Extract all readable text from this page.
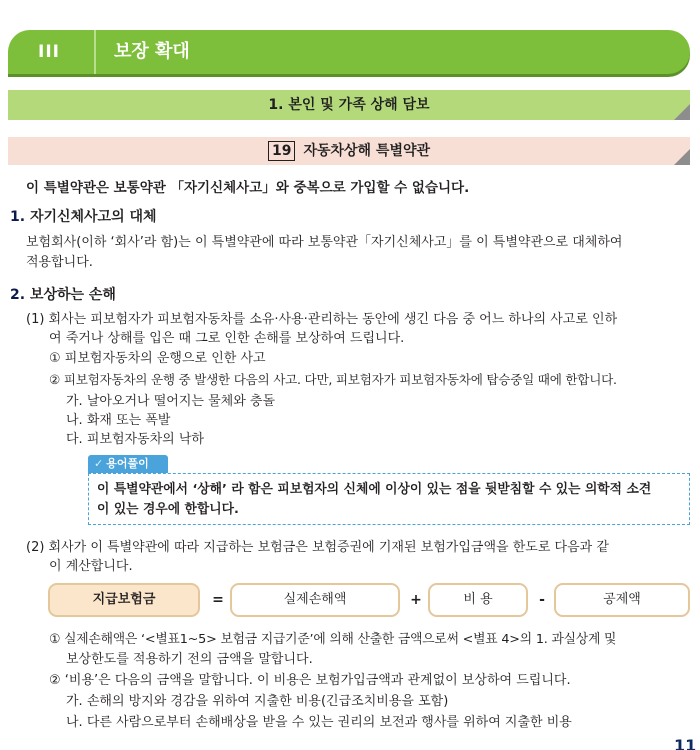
III	보장 확대
1. 본인 및 가족 상해 담보
19 자동차상해 특별약관
이 특별약관은 보통약관 「자기신체사고」와 중복으로 가입할 수 없습니다.
1. 자기신체사고의 대체
보험회사(이하 ‘회사’라 함)는 이 특별약관에 따라 보통약관「자기신체사고」를 이 특별약관으로 대체하여
적용합니다.
2. 보상하는 손해
(1) 회사는 피보험자가 피보험자동차를 소유·사용·관리하는 동안에 생긴 다음 중 어느 하나의 사고로 인하
여 죽거나 상해를 입은 때 그로 인한 손해를 보상하여 드립니다.
① 피보험자동차의 운행으로 인한 사고
② 피보험자동차의 운행 중 발생한 다음의 사고. 다만, 피보험자가 피보험자동차에 탑승중일 때에 한합니다.
가. 날아오거나 떨어지는 물체와 충돌
나. 화재 또는 폭발
다. 피보험자동차의 낙하
✓ 용어풀이
이 특별약관에서 ‘상해’ 라 함은 피보험자의 신체에 이상이 있는 점을 뒷받침할 수 있는 의학적 소견
이 있는 경우에 한합니다.
(2) 회사가 이 특별약관에 따라 지급하는 보험금은 보험증권에 기재된 보험가입금액을 한도로 다음과 같
이 계산합니다.
지급보험금	=	실제손해액	+	비 용	-	공제액
① 실제손해액은 ‘<별표1~5> 보험금 지급기준’에 의해 산출한 금액으로써 <별표 4>의 1. 과실상계 및
보상한도를 적용하기 전의 금액을 말합니다.
② ‘비용’은 다음의 금액을 말합니다. 이 비용은 보험가입금액과 관계없이 보상하여 드립니다.
가. 손해의 방지와 경감을 위하여 지출한 비용(긴급조치비용을 포함)
나. 다른 사람으로부터 손해배상을 받을 수 있는 권리의 보전과 행사를 위하여 지출한 비용
11
